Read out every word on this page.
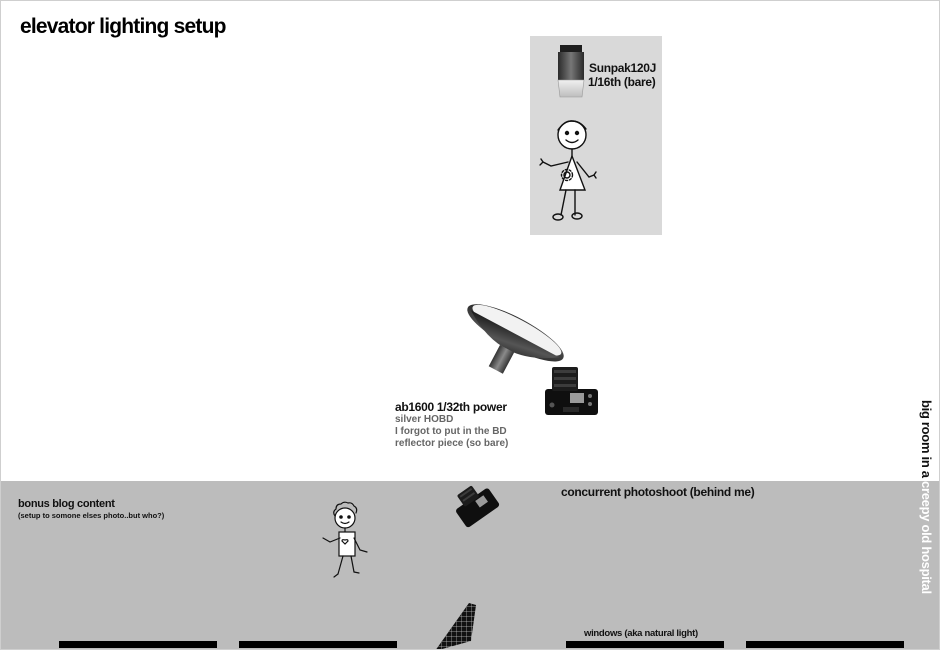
elevator lighting setup
Sunpak120J
1/16th (bare)
ab1600 1/32th power
silver HOBD
I forgot to put in the BD
reflector piece (so bare)
bonus blog content
(setup to somone elses photo..but who?)
concurrent photoshoot (behind me)
windows (aka natural light)
big room in a creepy old hospital
